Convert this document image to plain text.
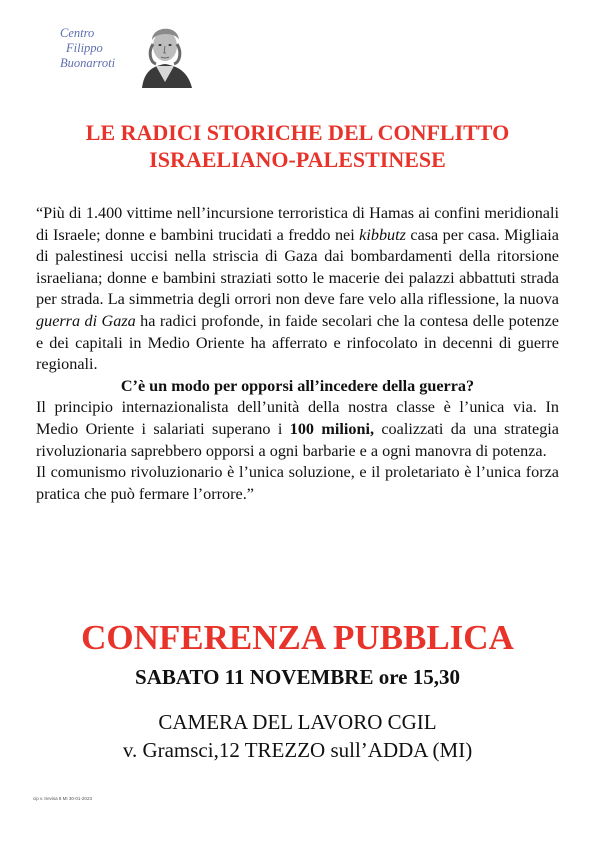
Centro
Filippo
Buonarroti
LE RADICI STORICHE DEL CONFLITTO
ISRAELIANO-PALESTINESE

“Più di 1.400 vittime nell’incursione terroristica di Hamas ai confini meridionali di Israele; donne e bambini trucidati a freddo nei kibbutz casa per casa. Migliaia di palestinesi uccisi nella striscia di Gaza dai bombardamenti della ritorsione israeliana; donne e bambini straziati sotto le macerie dei palazzi abbattuti strada per strada. La simmetria degli orrori non deve fare velo alla riflessione, la nuova guerra di Gaza ha radici profonde, in faide secolari che la contesa delle potenze e dei capitali in Medio Oriente ha afferrato e rinfocolato in decenni di guerre regionali.

C’è un modo per opporsi all’incedere della guerra?

Il principio internazionalista dell’unità della nostra classe è l’unica via. In Medio Oriente i salariati superano i 100 milioni, coalizzati da una strategia rivoluzionaria saprebbero opporsi a ogni barbarie e a ogni manovra di potenza.

Il comunismo rivoluzionario è l’unica soluzione, e il proletariato è l’unica forza pratica che può fermare l’orrore.”

CONFERENZA PUBBLICA
SABATO 11 NOVEMBRE ore 15,30
CAMERA DEL LAVORO CGIL
v. Gramsci,12 TREZZO sull’ADDA (MI)
cip v. trevisa 8 MI 30-01-2023
